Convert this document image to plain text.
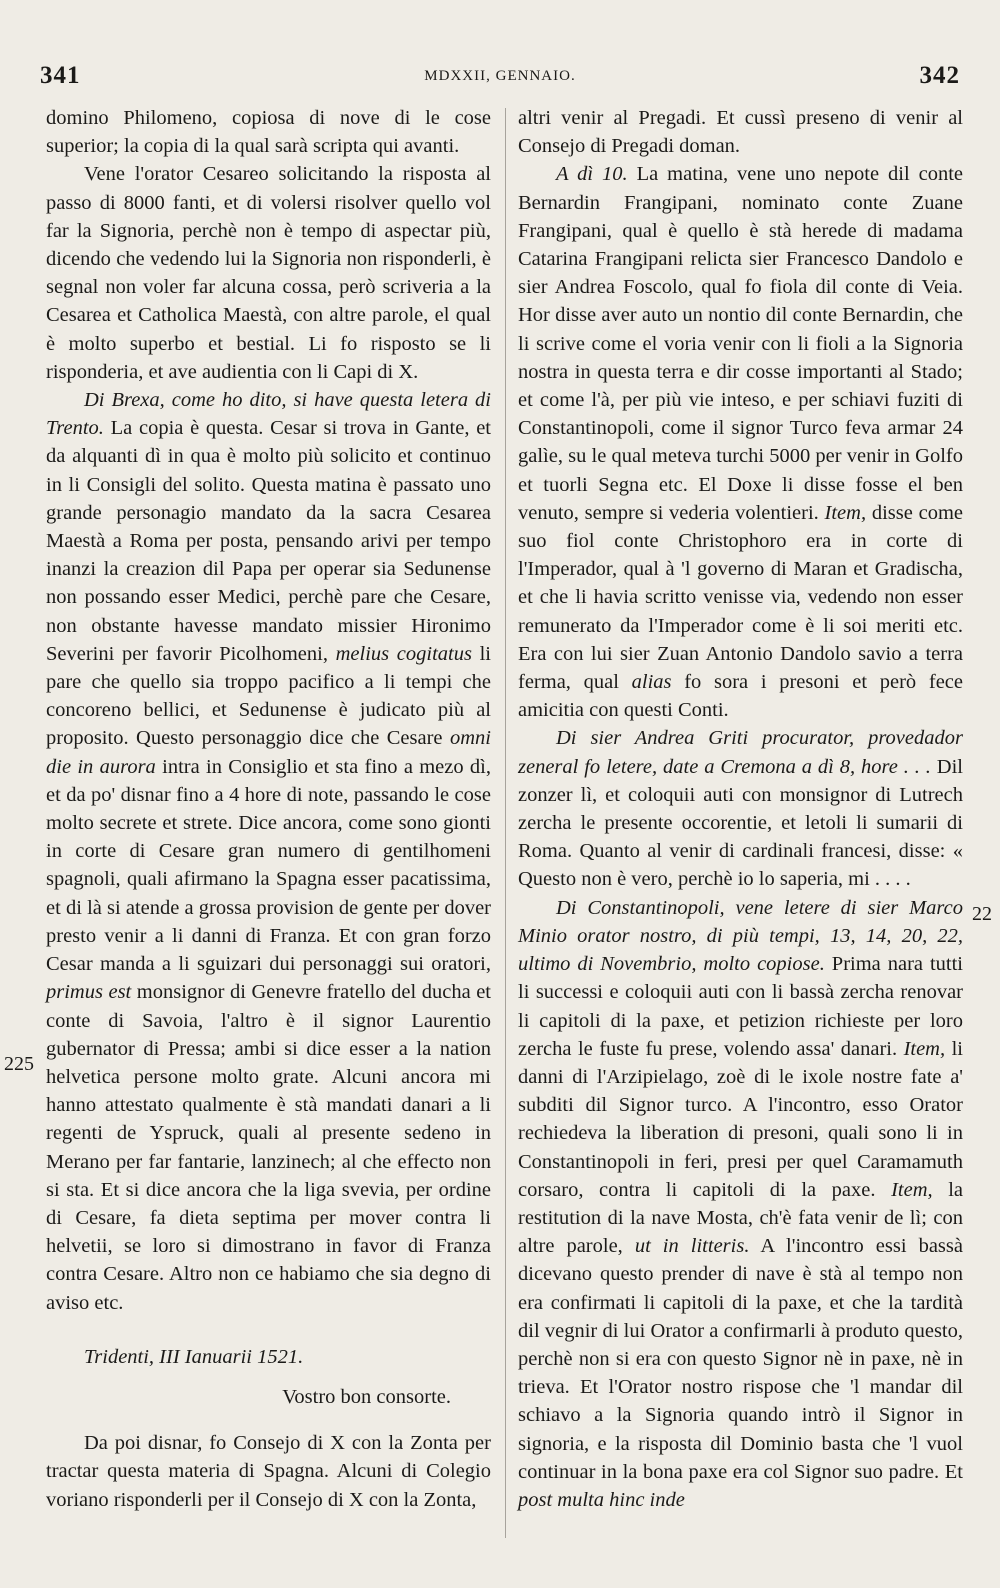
341	MDXXII, GENNAIO.	342

domino Philomeno, copiosa di nove di le cose superior; la copia di la qual sarà scripta qui avanti.

Vene l'orator Cesareo solicitando la risposta al passo di 8000 fanti, et di volersi risolver quello vol far la Signoria, perchè non è tempo di aspectar più, dicendo che vedendo lui la Signoria non risponderli, è segnal non voler far alcuna cossa, però scriveria a la Cesarea et Catholica Maestà, con altre parole, el qual è molto superbo et bestial. Li fo risposto se li risponderia, et ave audientia con li Capi di X.

Di Brexa, come ho dito, si have questa letera di Trento. La copia è questa. Cesar si trova in Gante, et da alquanti dì in qua è molto più solicito et continuo in li Consigli del solito. Questa matina è passato uno grande personagio mandato da la sacra Cesarea Maestà a Roma per posta, pensando arivi per tempo inanzi la creazion dil Papa per operar sia Sedunense non possando esser Medici, perchè pare che Cesare, non obstante havesse mandato missier Hironimo Severini per favorir Picolhomeni, melius cogitatus li pare che quello sia troppo pacifico a li tempi che concoreno bellici, et Sedunense è judicato più al proposito. Questo personaggio dice che Cesare omni die in aurora intra in Consiglio et sta fino a mezo dì, et da po' disnar fino a 4 hore di note, passando le cose molto secrete et strete. Dice ancora, come sono gionti in corte di Cesare gran numero di gentilhomeni spagnoli, quali afirmano la Spagna esser pacatissima, et di là si atende a grossa provision de gente per dover presto venir a li danni di Franza. Et con gran forzo Cesar manda a li sguizari dui personaggi sui oratori, primus est monsignor di Genevre fratello del ducha et conte di Savoia, l'altro è il signor Laurentio gubernator di Pressa; ambi si dice esser a la nation helvetica persone molto grate. Alcuni ancora mi hanno attestato qualmente è stà mandati danari a li regenti de Yspruck, quali al presente sedeno in Merano per far fantarie, lanzinech; al che effecto non si sta. Et si dice ancora che la liga svevia, per ordine di Cesare, fa dieta septima per mover contra li helvetii, se loro si dimostrano in favor di Franza contra Cesare. Altro non ce habiamo che sia degno di aviso etc.

Tridenti, III Ianuarii 1521.

Vostro bon consorte.

Da poi disnar, fo Consejo di X con la Zonta per tractar questa materia di Spagna. Alcuni di Colegio voriano risponderli per il Consejo di X con la Zonta,

altri venir al Pregadi. Et cussì preseno di venir al Consejo di Pregadi doman.

A dì 10. La matina, vene uno nepote dil conte Bernardin Frangipani, nominato conte Zuane Frangipani, qual è quello è stà herede di madama Catarina Frangipani relicta sier Francesco Dandolo e sier Andrea Foscolo, qual fo fiola dil conte di Veia. Hor disse aver auto un nontio dil conte Bernardin, che li scrive come el voria venir con li fioli a la Signoria nostra in questa terra e dir cosse importanti al Stado; et come l'à, per più vie inteso, e per schiavi fuziti di Constantinopoli, come il signor Turco feva armar 24 galìe, su le qual meteva turchi 5000 per venir in Golfo et tuorli Segna etc. El Doxe li disse fosse el ben venuto, sempre si vederia volentieri. Item, disse come suo fiol conte Christophoro era in corte di l'Imperador, qual à 'l governo di Maran et Gradischa, et che li havia scritto venisse via, vedendo non esser remunerato da l'Imperador come è li soi meriti etc. Era con lui sier Zuan Antonio Dandolo savio a terra ferma, qual alias fo sora i presoni et però fece amicitia con questi Conti.

Di sier Andrea Griti procurator, provedador zeneral fo letere, date a Cremona a dì 8, hore . . . Dil zonzer lì, et coloquii auti con monsignor di Lutrech zercha le presente occorentie, et letoli li sumarii di Roma. Quanto al venir di cardinali francesi, disse: « Questo non è vero, perchè io lo saperia, mi . . . .

Di Constantinopoli, vene letere di sier Marco Minio orator nostro, di più tempi, 13, 14, 20, 22, ultimo di Novembrio, molto copiose. Prima nara tutti li successi e coloquii auti con li bassà zercha renovar li capitoli di la paxe, et petizion richieste per loro zercha le fuste fu prese, volendo assa' danari. Item, li danni di l'Arzipielago, zoè di le ixole nostre fate a' subditi dil Signor turco. A l'incontro, esso Orator rechiedeva la liberation di presoni, quali sono li in Constantinopoli in feri, presi per quel Caramamuth corsaro, contra li capitoli di la paxe. Item, la restitution di la nave Mosta, ch'è fata venir de lì; con altre parole, ut in litteris. A l'incontro essi bassà dicevano questo prender di nave è stà al tempo non era confirmati li capitoli di la paxe, et che la tardità dil vegnir di lui Orator a confirmarli à produto questo, perchè non si era con questo Signor nè in paxe, nè in trieva. Et l'Orator nostro rispose che 'l mandar dil schiavo a la Signoria quando intrò il Signor in signoria, e la risposta dil Dominio basta che 'l vuol continuar in la bona paxe era col Signor suo padre. Et post multa hinc inde

225
22
